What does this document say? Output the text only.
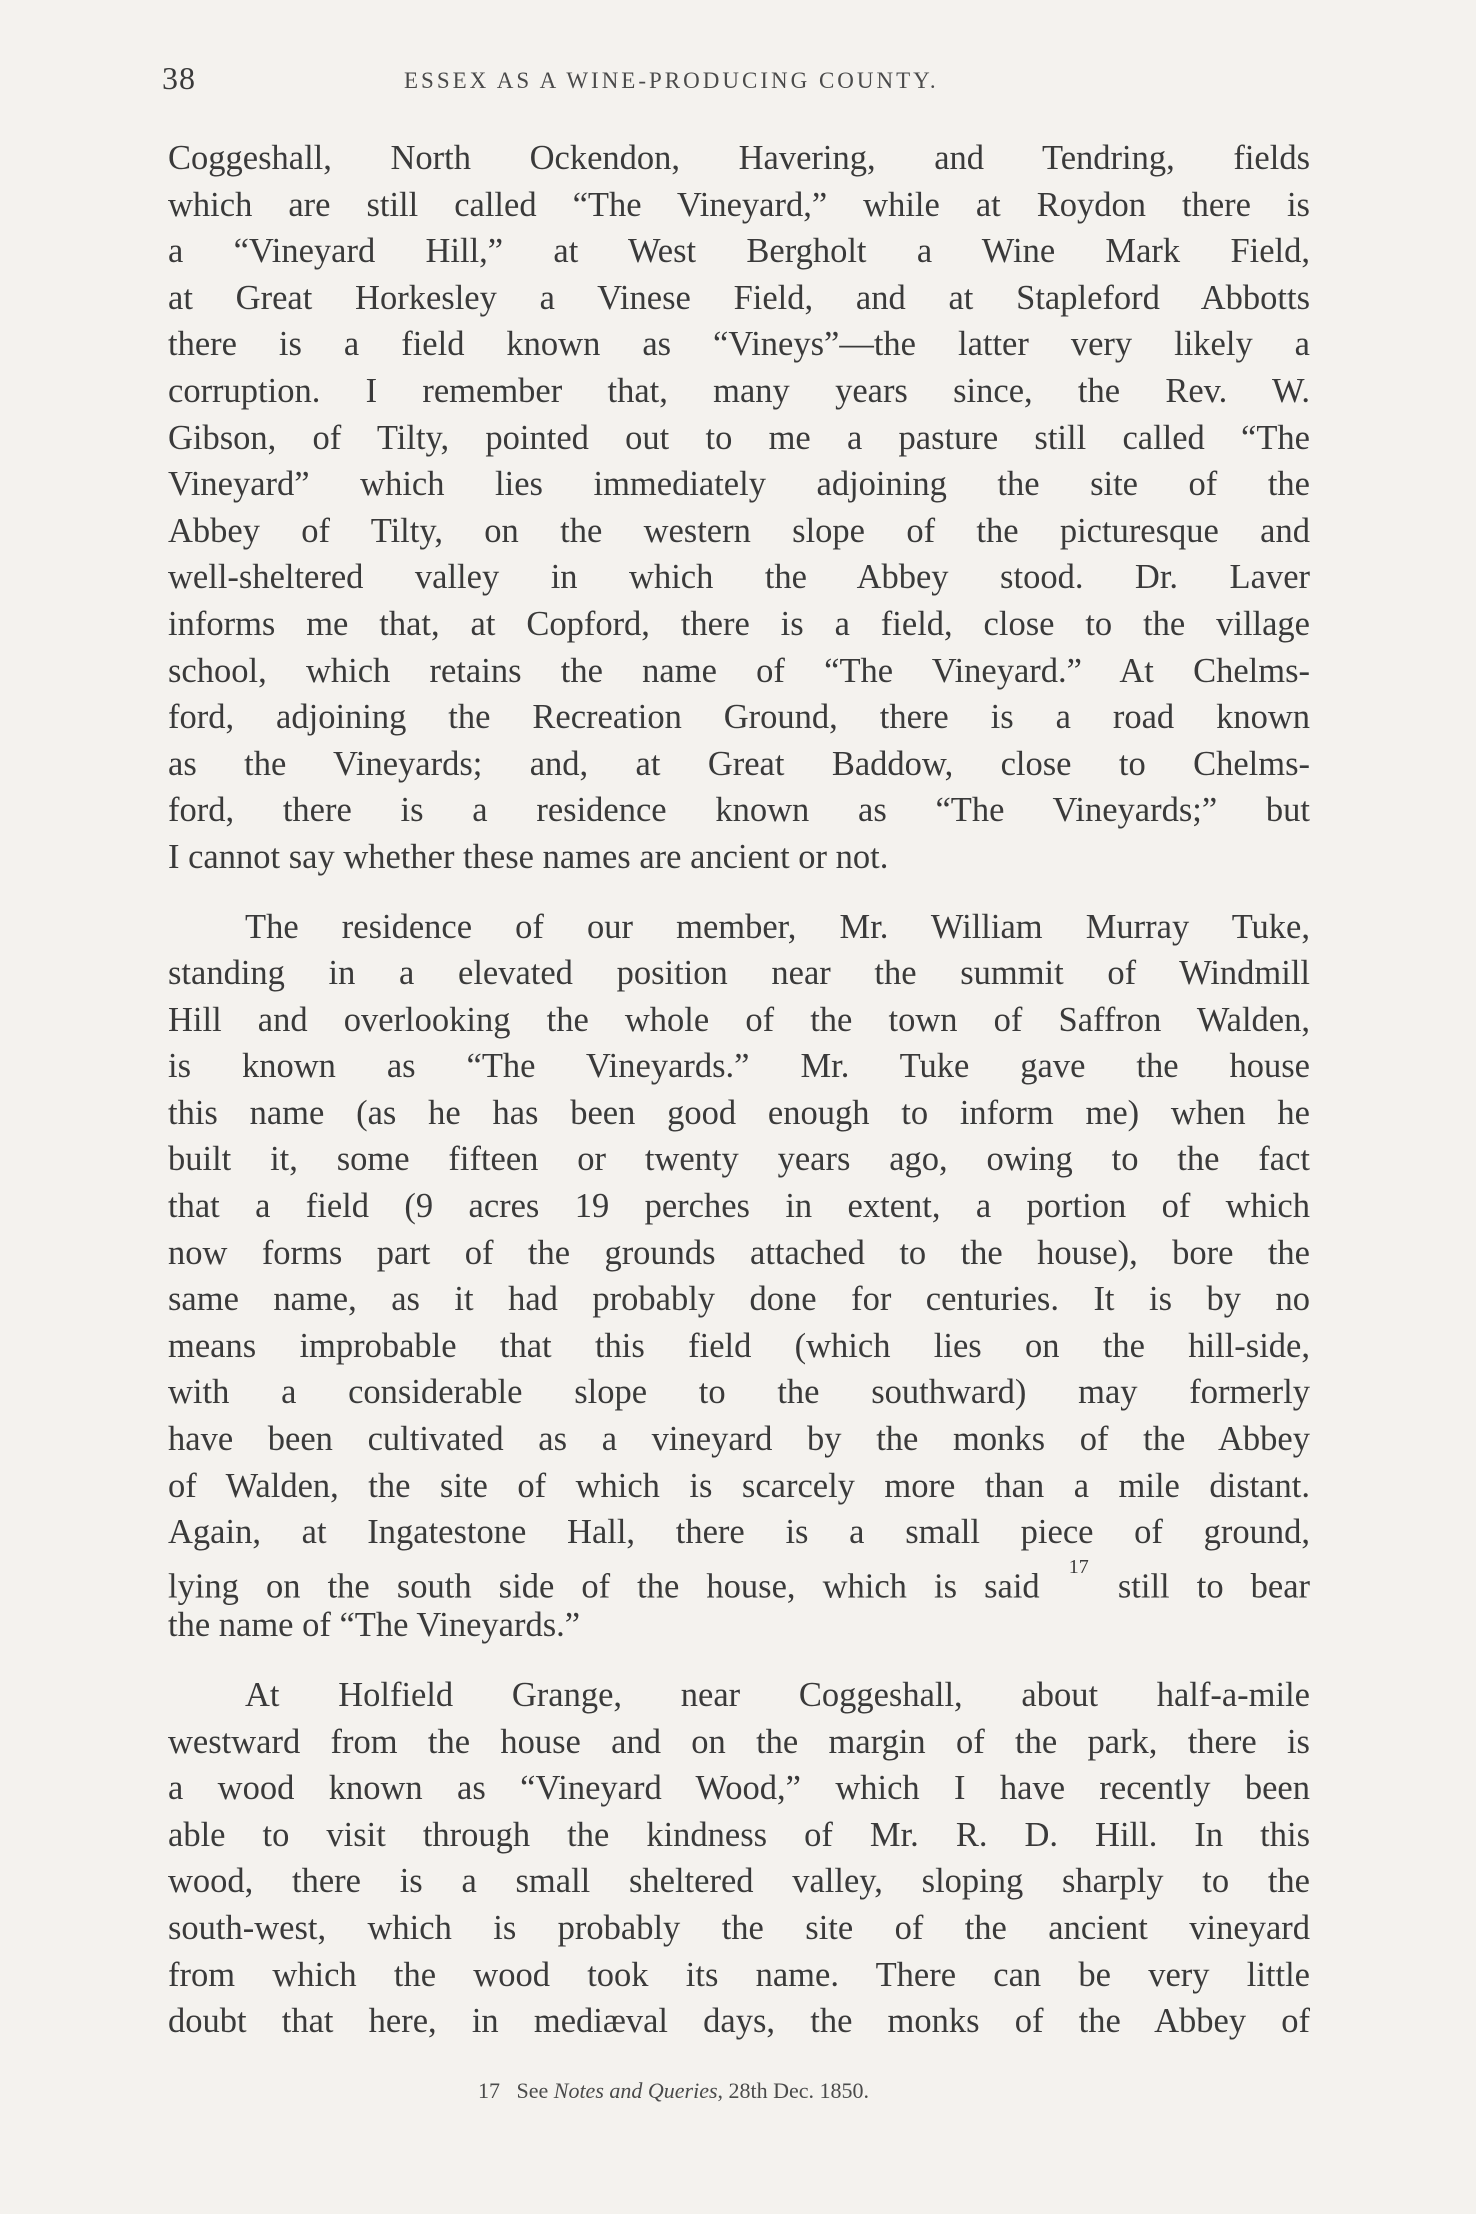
38	ESSEX AS A WINE-PRODUCING COUNTY.
Coggeshall, North Ockendon, Havering, and Tendring, fields
which are still called “The Vineyard,” while at Roydon there is
a “Vineyard Hill,” at West Bergholt a Wine Mark Field,
at Great Horkesley a Vinese Field, and at Stapleford Abbotts
there is a field known as “Vineys”—the latter very likely a
corruption. I remember that, many years since, the Rev. W.
Gibson, of Tilty, pointed out to me a pasture still called “The
Vineyard” which lies immediately adjoining the site of the
Abbey of Tilty, on the western slope of the picturesque and
well-sheltered valley in which the Abbey stood. Dr. Laver
informs me that, at Copford, there is a field, close to the village
school, which retains the name of “The Vineyard.” At Chelms-
ford, adjoining the Recreation Ground, there is a road known
as the Vineyards; and, at Great Baddow, close to Chelms-
ford, there is a residence known as “The Vineyards;” but
I cannot say whether these names are ancient or not.
The residence of our member, Mr. William Murray Tuke,
standing in a elevated position near the summit of Windmill
Hill and overlooking the whole of the town of Saffron Walden,
is known as “The Vineyards.” Mr. Tuke gave the house
this name (as he has been good enough to inform me) when he
built it, some fifteen or twenty years ago, owing to the fact
that a field (9 acres 19 perches in extent, a portion of which
now forms part of the grounds attached to the house), bore the
same name, as it had probably done for centuries. It is by no
means improbable that this field (which lies on the hill-side,
with a considerable slope to the southward) may formerly
have been cultivated as a vineyard by the monks of the Abbey
of Walden, the site of which is scarcely more than a mile distant.
Again, at Ingatestone Hall, there is a small piece of ground,
lying on the south side of the house, which is said $^{17}$ still to bear
the name of “The Vineyards.”
At Holfield Grange, near Coggeshall, about half-a-mile
westward from the house and on the margin of the park, there is
a wood known as “Vineyard Wood,” which I have recently been
able to visit through the kindness of Mr. R. D. Hill. In this
wood, there is a small sheltered valley, sloping sharply to the
south-west, which is probably the site of the ancient vineyard
from which the wood took its name. There can be very little
doubt that here, in mediæval days, the monks of the Abbey of
17 See Notes and Queries, 28th Dec. 1850.
